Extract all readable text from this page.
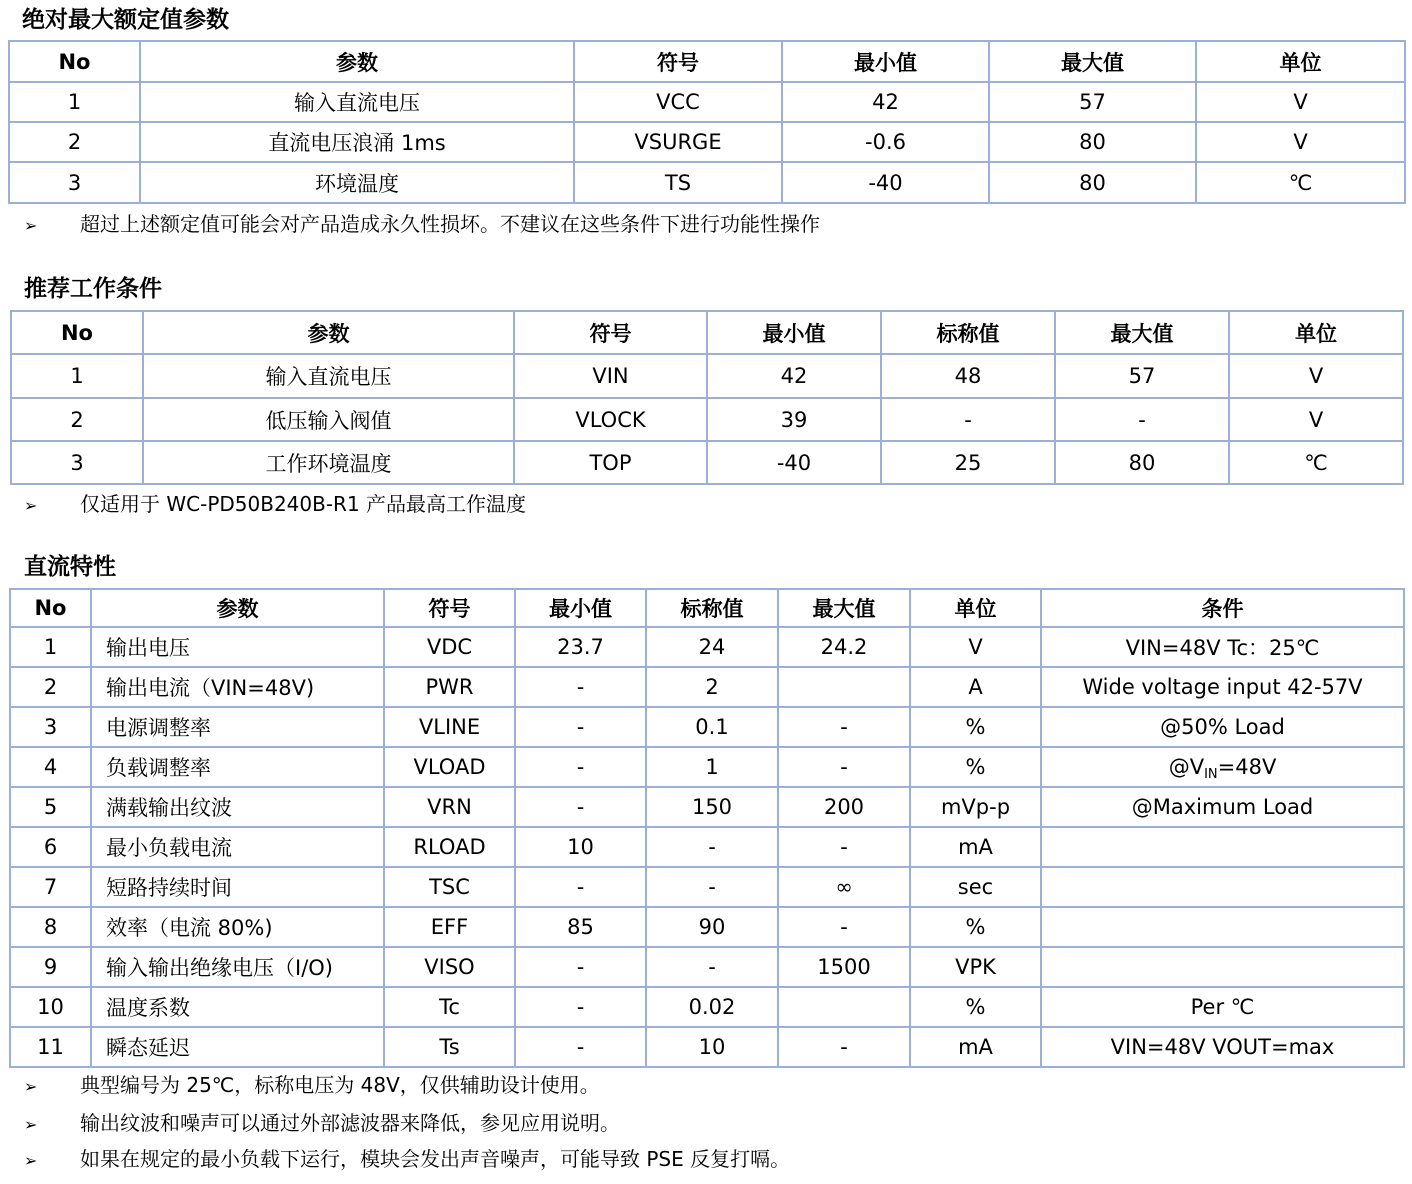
绝对最大额定值参数
No	参数	符号	最小值	最大值	单位
1	输入直流电压	VCC	42	57	V
2	直流电压浪涌 1ms	VSURGE	-0.6	80	V
3	环境温度	TS	-40	80	℃
➢ 超过上述额定值可能会对产品造成永久性损坏。不建议在这些条件下进行功能性操作
推荐工作条件
No	参数	符号	最小值	标称值	最大值	单位
1	输入直流电压	VIN	42	48	57	V
2	低压输入阀值	VLOCK	39	-	-	V
3	工作环境温度	TOP	-40	25	80	℃
➢ 仅适用于 WC-PD50B240B-R1 产品最高工作温度
直流特性
No	参数	符号	最小值	标称值	最大值	单位	条件
1	输出电压	VDC	23.7	24	24.2	V	VIN=48V Tc：25℃
2	输出电流（VIN=48V)	PWR	-	2		A	Wide voltage input 42-57V
3	电源调整率	VLINE	-	0.1	-	%	@50% Load
4	负载调整率	VLOAD	-	1	-	%	$@V_{IN}=48V$
5	满载输出纹波	VRN	-	150	200	mVp-p	@Maximum Load
6	最小负载电流	RLOAD	10	-	-	mA	
7	短路持续时间	TSC	-	-	∞	sec	
8	效率（电流 80%)	EFF	85	90	-	%	
9	输入输出绝缘电压（I/O)	VISO	-	-	1500	VPK	
10	温度系数	Tc	-	0.02		%	Per ℃
11	瞬态延迟	Ts	-	10	-	mA	VIN=48V VOUT=max
➢ 典型编号为 25℃，标称电压为 48V，仅供辅助设计使用。
➢ 输出纹波和噪声可以通过外部滤波器来降低，参见应用说明。
➢ 如果在规定的最小负载下运行，模块会发出声音噪声，可能导致 PSE 反复打嗝。
